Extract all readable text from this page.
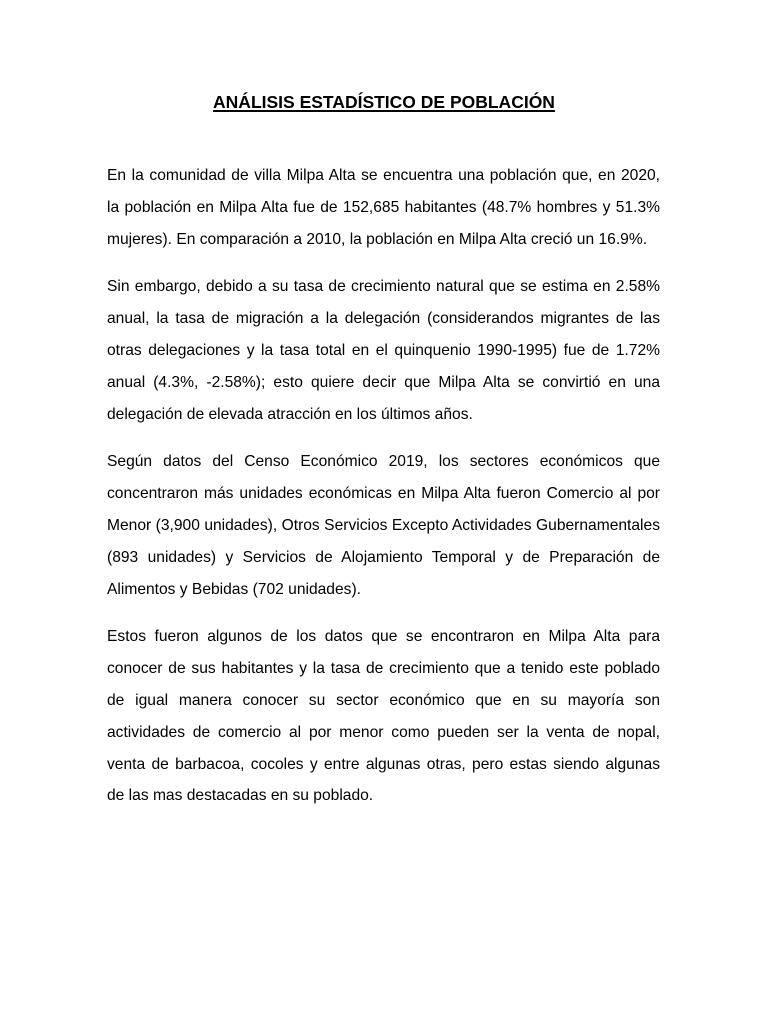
ANÁLISIS ESTADÍSTICO DE POBLACIÓN

En la comunidad de villa Milpa Alta se encuentra una población que, en 2020, la población en Milpa Alta fue de 152,685 habitantes (48.7% hombres y 51.3% mujeres). En comparación a 2010, la población en Milpa Alta creció un 16.9%.

Sin embargo, debido a su tasa de crecimiento natural que se estima en 2.58% anual, la tasa de migración a la delegación (considerandos migrantes de las otras delegaciones y la tasa total en el quinquenio 1990-1995) fue de 1.72% anual (4.3%, -2.58%); esto quiere decir que Milpa Alta se convirtió en una delegación de elevada atracción en los últimos años.

Según datos del Censo Económico 2019, los sectores económicos que concentraron más unidades económicas en Milpa Alta fueron Comercio al por Menor (3,900 unidades), Otros Servicios Excepto Actividades Gubernamentales (893 unidades) y Servicios de Alojamiento Temporal y de Preparación de Alimentos y Bebidas (702 unidades).

Estos fueron algunos de los datos que se encontraron en Milpa Alta para conocer de sus habitantes y la tasa de crecimiento que a tenido este poblado de igual manera conocer su sector económico que en su mayoría son actividades de comercio al por menor como pueden ser la venta de nopal, venta de barbacoa, cocoles y entre algunas otras, pero estas siendo algunas de las mas destacadas en su poblado.
